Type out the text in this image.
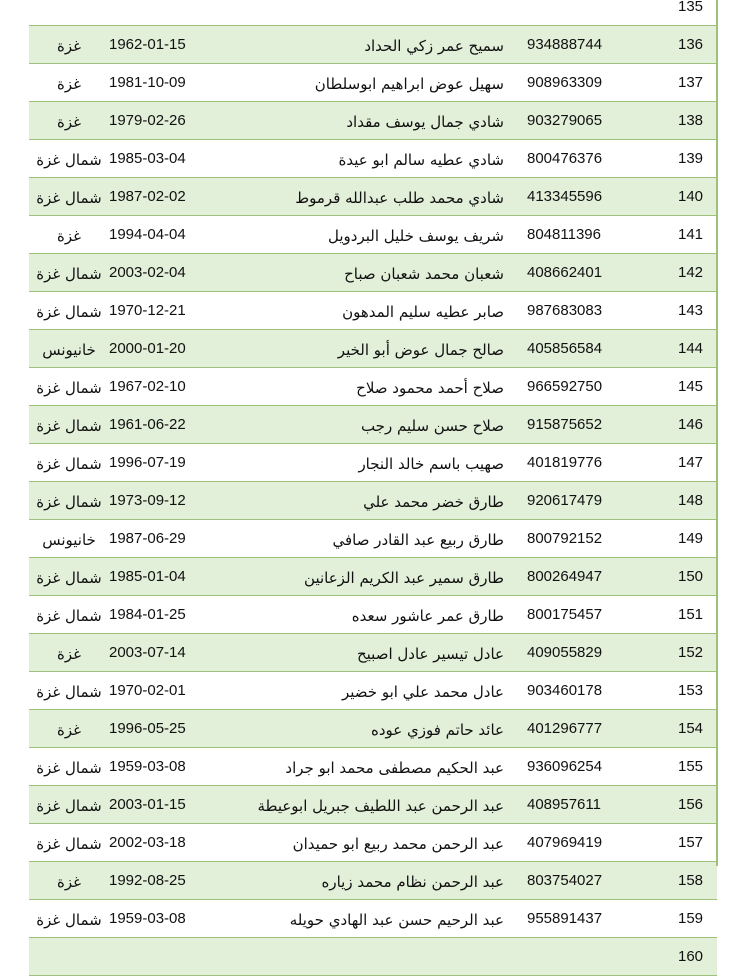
				135
غزة	1962-01-15	سميح عمر زكي الحداد	934888744	136
غزة	1981-10-09	سهيل عوض ابراهيم ابوسلطان	908963309	137
غزة	1979-02-26	شادي جمال يوسف مقداد	903279065	138
شمال غزة	1985-03-04	شادي عطيه سالم ابو عيدة	800476376	139
شمال غزة	1987-02-02	شادي محمد طلب عبدالله قرموط	413345596	140
غزة	1994-04-04	شريف يوسف خليل البردويل	804811396	141
شمال غزة	2003-02-04	شعبان محمد شعبان صباح	408662401	142
شمال غزة	1970-12-21	صابر عطيه سليم المدهون	987683083	143
خانيونس	2000-01-20	صالح جمال عوض أبو الخير	405856584	144
شمال غزة	1967-02-10	صلاح أحمد محمود صلاح	966592750	145
شمال غزة	1961-06-22	صلاح حسن سليم رجب	915875652	146
شمال غزة	1996-07-19	صهيب باسم خالد النجار	401819776	147
شمال غزة	1973-09-12	طارق خضر محمد علي	920617479	148
خانيونس	1987-06-29	طارق ربيع عبد القادر صافي	800792152	149
شمال غزة	1985-01-04	طارق سمير عبد الكريم الزعانين	800264947	150
شمال غزة	1984-01-25	طارق عمر عاشور سعده	800175457	151
غزة	2003-07-14	عادل تيسير عادل اصبيح	409055829	152
شمال غزة	1970-02-01	عادل محمد علي ابو خضير	903460178	153
غزة	1996-05-25	عائد حاتم فوزي عوده	401296777	154
شمال غزة	1959-03-08	عبد الحكيم مصطفى محمد ابو جراد	936096254	155
شمال غزة	2003-01-15	عبد الرحمن عبد اللطيف جبريل ابوعيطة	408957611	156
شمال غزة	2002-03-18	عبد الرحمن محمد ربيع ابو حميدان	407969419	157
غزة	1992-08-25	عبد الرحمن نظام محمد زياره	803754027	158
شمال غزة	1959-03-08	عبد الرحيم حسن عبد الهادي حويله	955891437	159
				160
